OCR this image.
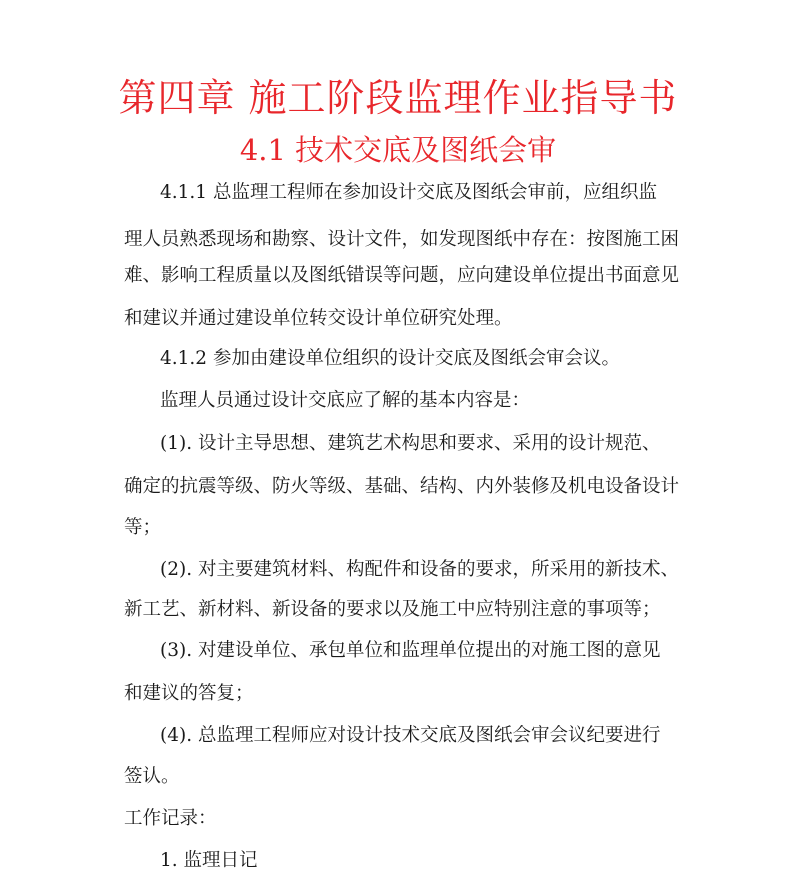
第四章 施工阶段监理作业指导书
4.1 技术交底及图纸会审
4.1.1 总监理工程师在参加设计交底及图纸会审前，应组织监
理人员熟悉现场和勘察、设计文件，如发现图纸中存在：按图施工困
难、影响工程质量以及图纸错误等问题，应向建设单位提出书面意见
和建议并通过建设单位转交设计单位研究处理。
4.1.2 参加由建设单位组织的设计交底及图纸会审会议。
监理人员通过设计交底应了解的基本内容是：
(1). 设计主导思想、建筑艺术构思和要求、采用的设计规范、
确定的抗震等级、防火等级、基础、结构、内外装修及机电设备设计
等；
(2). 对主要建筑材料、构配件和设备的要求，所采用的新技术、
新工艺、新材料、新设备的要求以及施工中应特别注意的事项等；
(3). 对建设单位、承包单位和监理单位提出的对施工图的意见
和建议的答复；
(4). 总监理工程师应对设计技术交底及图纸会审会议纪要进行
签认。
工作记录：
1. 监理日记
